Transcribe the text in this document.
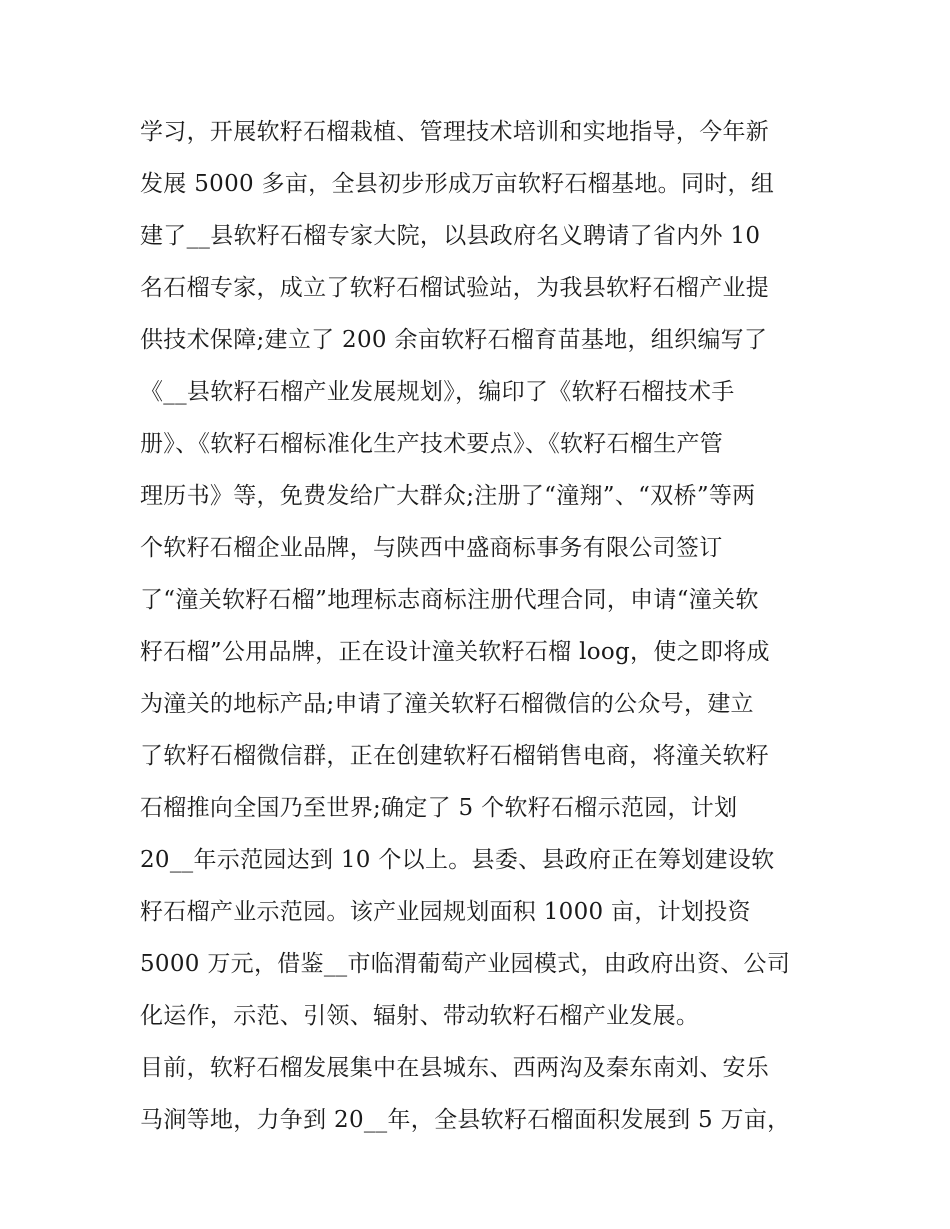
学习，开展软籽石榴栽植、管理技术培训和实地指导，今年新
发展 5000 多亩，全县初步形成万亩软籽石榴基地。同时，组
建了__县软籽石榴专家大院，以县政府名义聘请了省内外 10
名石榴专家，成立了软籽石榴试验站，为我县软籽石榴产业提
供技术保障;建立了 200 余亩软籽石榴育苗基地，组织编写了
《__县软籽石榴产业发展规划》，编印了《软籽石榴技术手
册》、《软籽石榴标准化生产技术要点》、《软籽石榴生产管
理历书》等，免费发给广大群众;注册了“潼翔”、“双桥”等两
个软籽石榴企业品牌，与陕西中盛商标事务有限公司签订
了“潼关软籽石榴”地理标志商标注册代理合同，申请“潼关软
籽石榴”公用品牌，正在设计潼关软籽石榴 loog，使之即将成
为潼关的地标产品;申请了潼关软籽石榴微信的公众号，建立
了软籽石榴微信群，正在创建软籽石榴销售电商，将潼关软籽
石榴推向全国乃至世界;确定了 5 个软籽石榴示范园，计划
20__年示范园达到 10 个以上。县委、县政府正在筹划建设软
籽石榴产业示范园。该产业园规划面积 1000 亩，计划投资
5000 万元，借鉴__市临渭葡萄产业园模式，由政府出资、公司
化运作，示范、引领、辐射、带动软籽石榴产业发展。
目前，软籽石榴发展集中在县城东、西两沟及秦东南刘、安乐
马涧等地，力争到 20__年，全县软籽石榴面积发展到 5 万亩，
